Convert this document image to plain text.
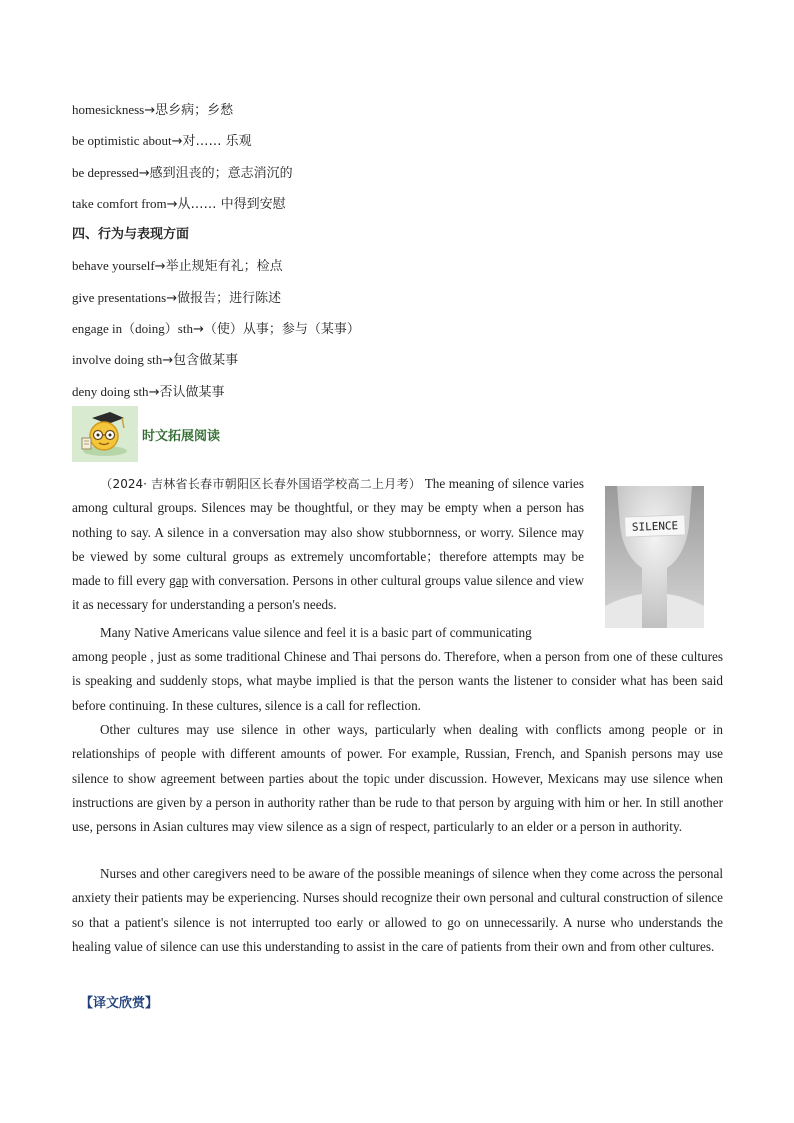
homesickness→思乡病；乡愁
be optimistic about→对…… 乐观
be depressed→感到沮丧的；意志消沉的
take comfort from→从…… 中得到安慰
四、行为与表现方面
behave yourself→举止规矩有礼；检点
give presentations→做报告；进行陈述
engage in（doing）sth→（使）从事；参与（某事）
involve doing sth→包含做某事
deny doing sth→否认做某事
时文拓展阅读
SILENCE
（2024· 吉林省长春市朝阳区长春外国语学校高二上月考） The meaning of silence varies among cultural groups. Silences may be thoughtful, or they may be empty when a person has nothing to say. A silence in a conversation may also show stubbornness, or worry. Silence may be viewed by some cultural groups as extremely uncomfortable；therefore attempts may be made to fill every gap with conversation. Persons in other cultural groups value silence and view it as necessary for understanding a person's needs.
Many Native Americans value silence and feel it is a basic part of communicating
among people , just as some traditional Chinese and Thai persons do. Therefore, when a person from one of these cultures is speaking and suddenly stops, what maybe implied is that the person wants the listener to consider what has been said before continuing. In these cultures, silence is a call for reflection.
Other cultures may use silence in other ways, particularly when dealing with conflicts among people or in relationships of people with different amounts of power. For example, Russian, French, and Spanish persons may use silence to show agreement between parties about the topic under discussion. However, Mexicans may use silence when instructions are given by a person in authority rather than be rude to that person by arguing with him or her. In still another use, persons in Asian cultures may view silence as a sign of respect, particularly to an elder or a person in authority.
Nurses and other caregivers need to be aware of the possible meanings of silence when they come across the personal anxiety their patients may be experiencing. Nurses should recognize their own personal and cultural construction of silence so that a patient's silence is not interrupted too early or allowed to go on unnecessarily. A nurse who understands the healing value of silence can use this understanding to assist in the care of patients from their own and from other cultures.
【译文欣赏】
